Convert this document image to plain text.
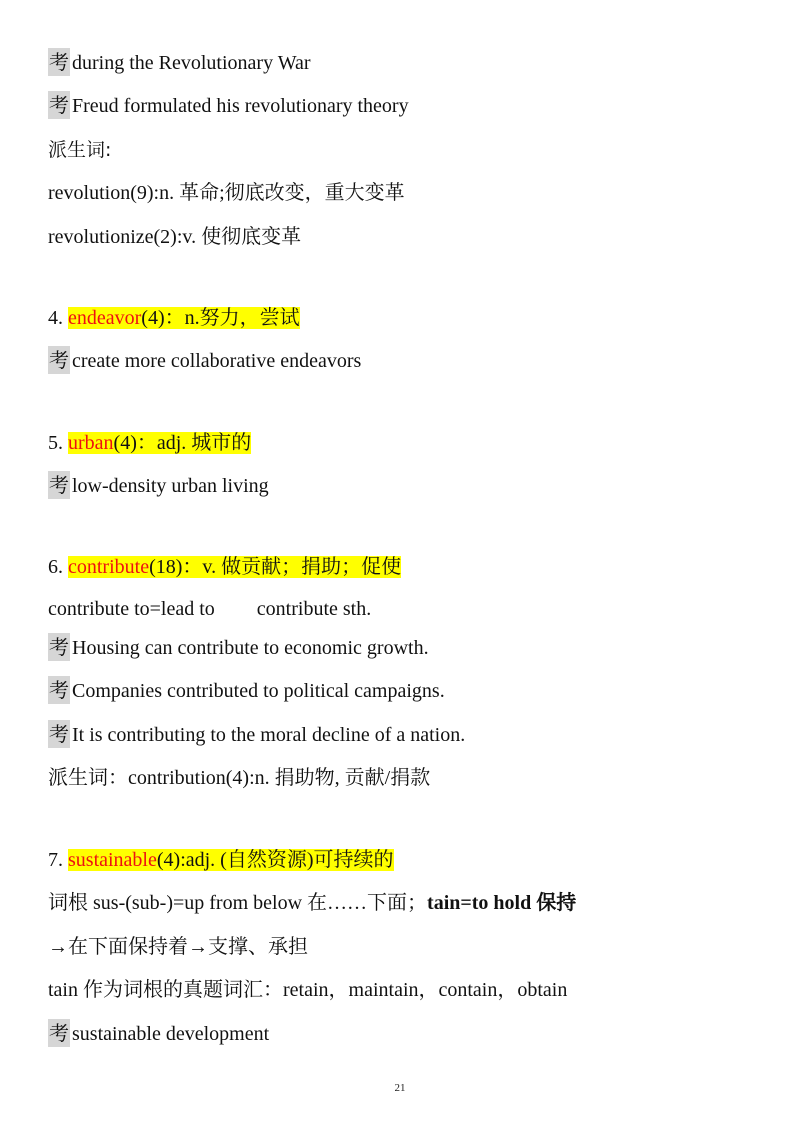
考 during the Revolutionary War
考 Freud formulated his revolutionary theory
派生词:
revolution(9):n. 革命;彻底改变，重大变革
revolutionize(2):v. 使彻底变革
4. endeavor(4)：n.努力，尝试
考 create more collaborative endeavors
5. urban(4)：adj. 城市的
考 low-density urban living
6. contribute(18)：v. 做贡献；捐助；促使
contribute to=lead to contribute sth.
考 Housing can contribute to economic growth.
考 Companies contributed to political campaigns.
考 It is contributing to the moral decline of a nation.
派生词：contribution(4):n. 捐助物, 贡献/捐款
7. sustainable(4):adj. (自然资源)可持续的
词根 sus-(sub-)=up from below 在……下面；tain=to hold 保持
→在下面保持着→支撑、承担
tain 作为词根的真题词汇：retain，maintain，contain，obtain
考 sustainable development
21
